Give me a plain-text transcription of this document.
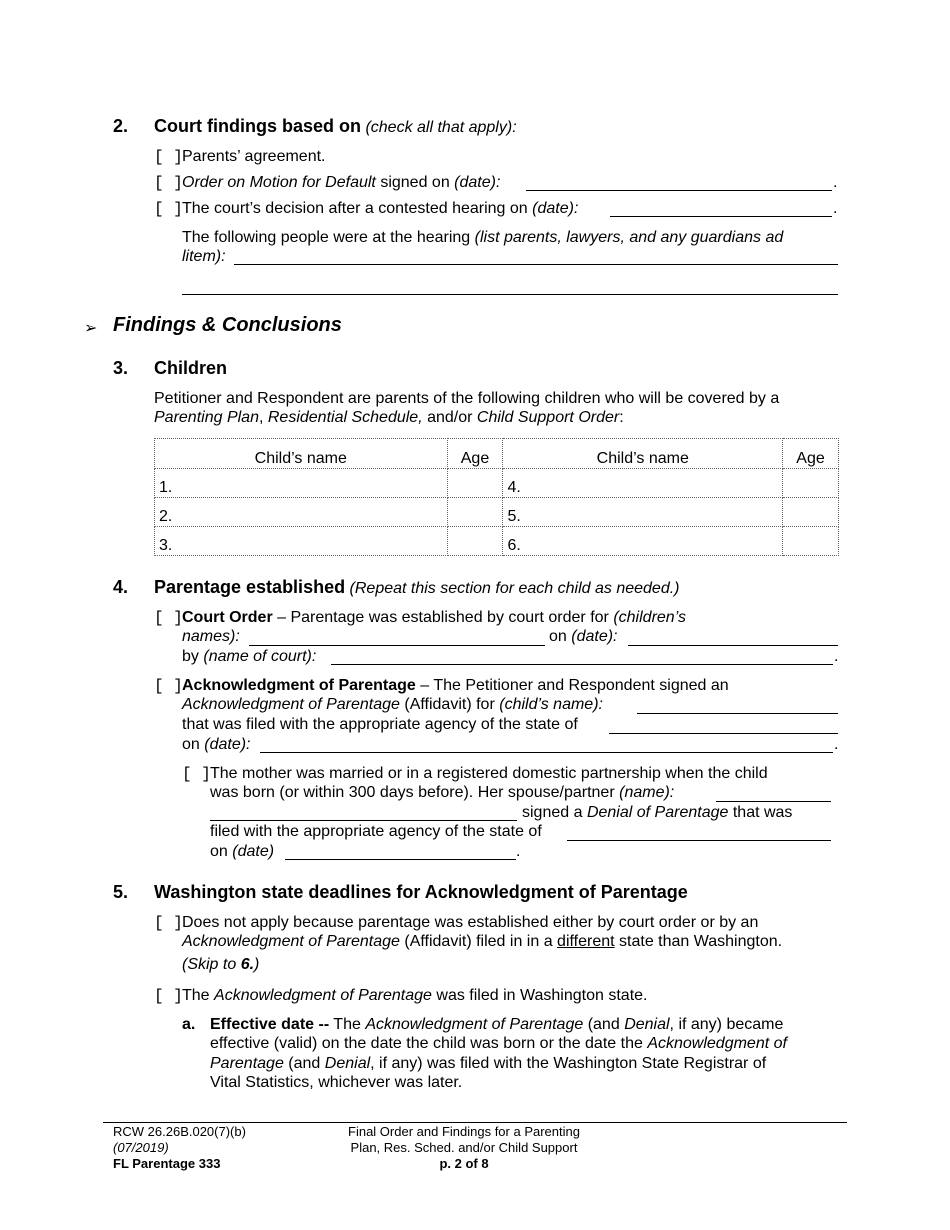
2. Court findings based on (check all that apply):
[ ] Parents’ agreement.
[ ] Order on Motion for Default signed on (date):	.
[ ] The court’s decision after a contested hearing on (date):	.
The following people were at the hearing (list parents, lawyers, and any guardians ad
litem):
➢ Findings & Conclusions
3. Children
Petitioner and Respondent are parents of the following children who will be covered by a
Parenting Plan, Residential Schedule, and/or Child Support Order:
Child’s name	Age	Child’s name	Age
1.		4.	
2.		5.	
3.		6.	
4. Parentage established (Repeat this section for each child as needed.)
[ ] Court Order – Parentage was established by court order for (children’s
names):	on (date):
by (name of court):	.
[ ] Acknowledgment of Parentage – The Petitioner and Respondent signed an
Acknowledgment of Parentage (Affidavit) for (child’s name):
that was filed with the appropriate agency of the state of
on (date):	.
[ ] The mother was married or in a registered domestic partnership when the child
was born (or within 300 days before). Her spouse/partner (name):
signed a Denial of Parentage that was
filed with the appropriate agency of the state of
on (date)	.
5. Washington state deadlines for Acknowledgment of Parentage
[ ] Does not apply because parentage was established either by court order or by an
Acknowledgment of Parentage (Affidavit) filed in in a different state than Washington.
(Skip to 6.)
[ ] The Acknowledgment of Parentage was filed in Washington state.
a. Effective date -- The Acknowledgment of Parentage (and Denial, if any) became
effective (valid) on the date the child was born or the date the Acknowledgment of
Parentage (and Denial, if any) was filed with the Washington State Registrar of
Vital Statistics, whichever was later.
RCW 26.26B.020(7)(b)
(07/2019)
FL Parentage 333
Final Order and Findings for a Parenting
Plan, Res. Sched. and/or Child Support
p. 2 of 8
